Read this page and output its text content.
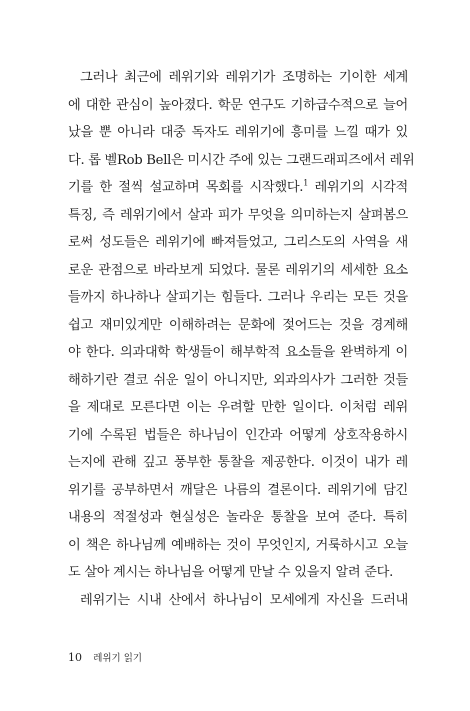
그러나 최근에 레위기와 레위기가 조명하는 기이한 세계
에 대한 관심이 높아졌다. 학문 연구도 기하급수적으로 늘어
났을 뿐 아니라 대중 독자도 레위기에 흥미를 느낄 때가 있
다. 롭 벨Rob Bell은 미시간 주에 있는 그랜드래피즈에서 레위
기를 한 절씩 설교하며 목회를 시작했다.$^1$ 레위기의 시각적
특징, 즉 레위기에서 살과 피가 무엇을 의미하는지 살펴봄으
로써 성도들은 레위기에 빠져들었고, 그리스도의 사역을 새
로운 관점으로 바라보게 되었다. 물론 레위기의 세세한 요소
들까지 하나하나 살피기는 힘들다. 그러나 우리는 모든 것을
쉽고 재미있게만 이해하려는 문화에 젖어드는 것을 경계해
야 한다. 의과대학 학생들이 해부학적 요소들을 완벽하게 이
해하기란 결코 쉬운 일이 아니지만, 외과의사가 그러한 것들
을 제대로 모른다면 이는 우려할 만한 일이다. 이처럼 레위
기에 수록된 법들은 하나님이 인간과 어떻게 상호작용하시
는지에 관해 깊고 풍부한 통찰을 제공한다. 이것이 내가 레
위기를 공부하면서 깨달은 나름의 결론이다. 레위기에 담긴
내용의 적절성과 현실성은 놀라운 통찰을 보여 준다. 특히
이 책은 하나님께 예배하는 것이 무엇인지, 거룩하시고 오늘
도 살아 계시는 하나님을 어떻게 만날 수 있을지 알려 준다.
레위기는 시내 산에서 하나님이 모세에게 자신을 드러내
10 레위기 읽기
